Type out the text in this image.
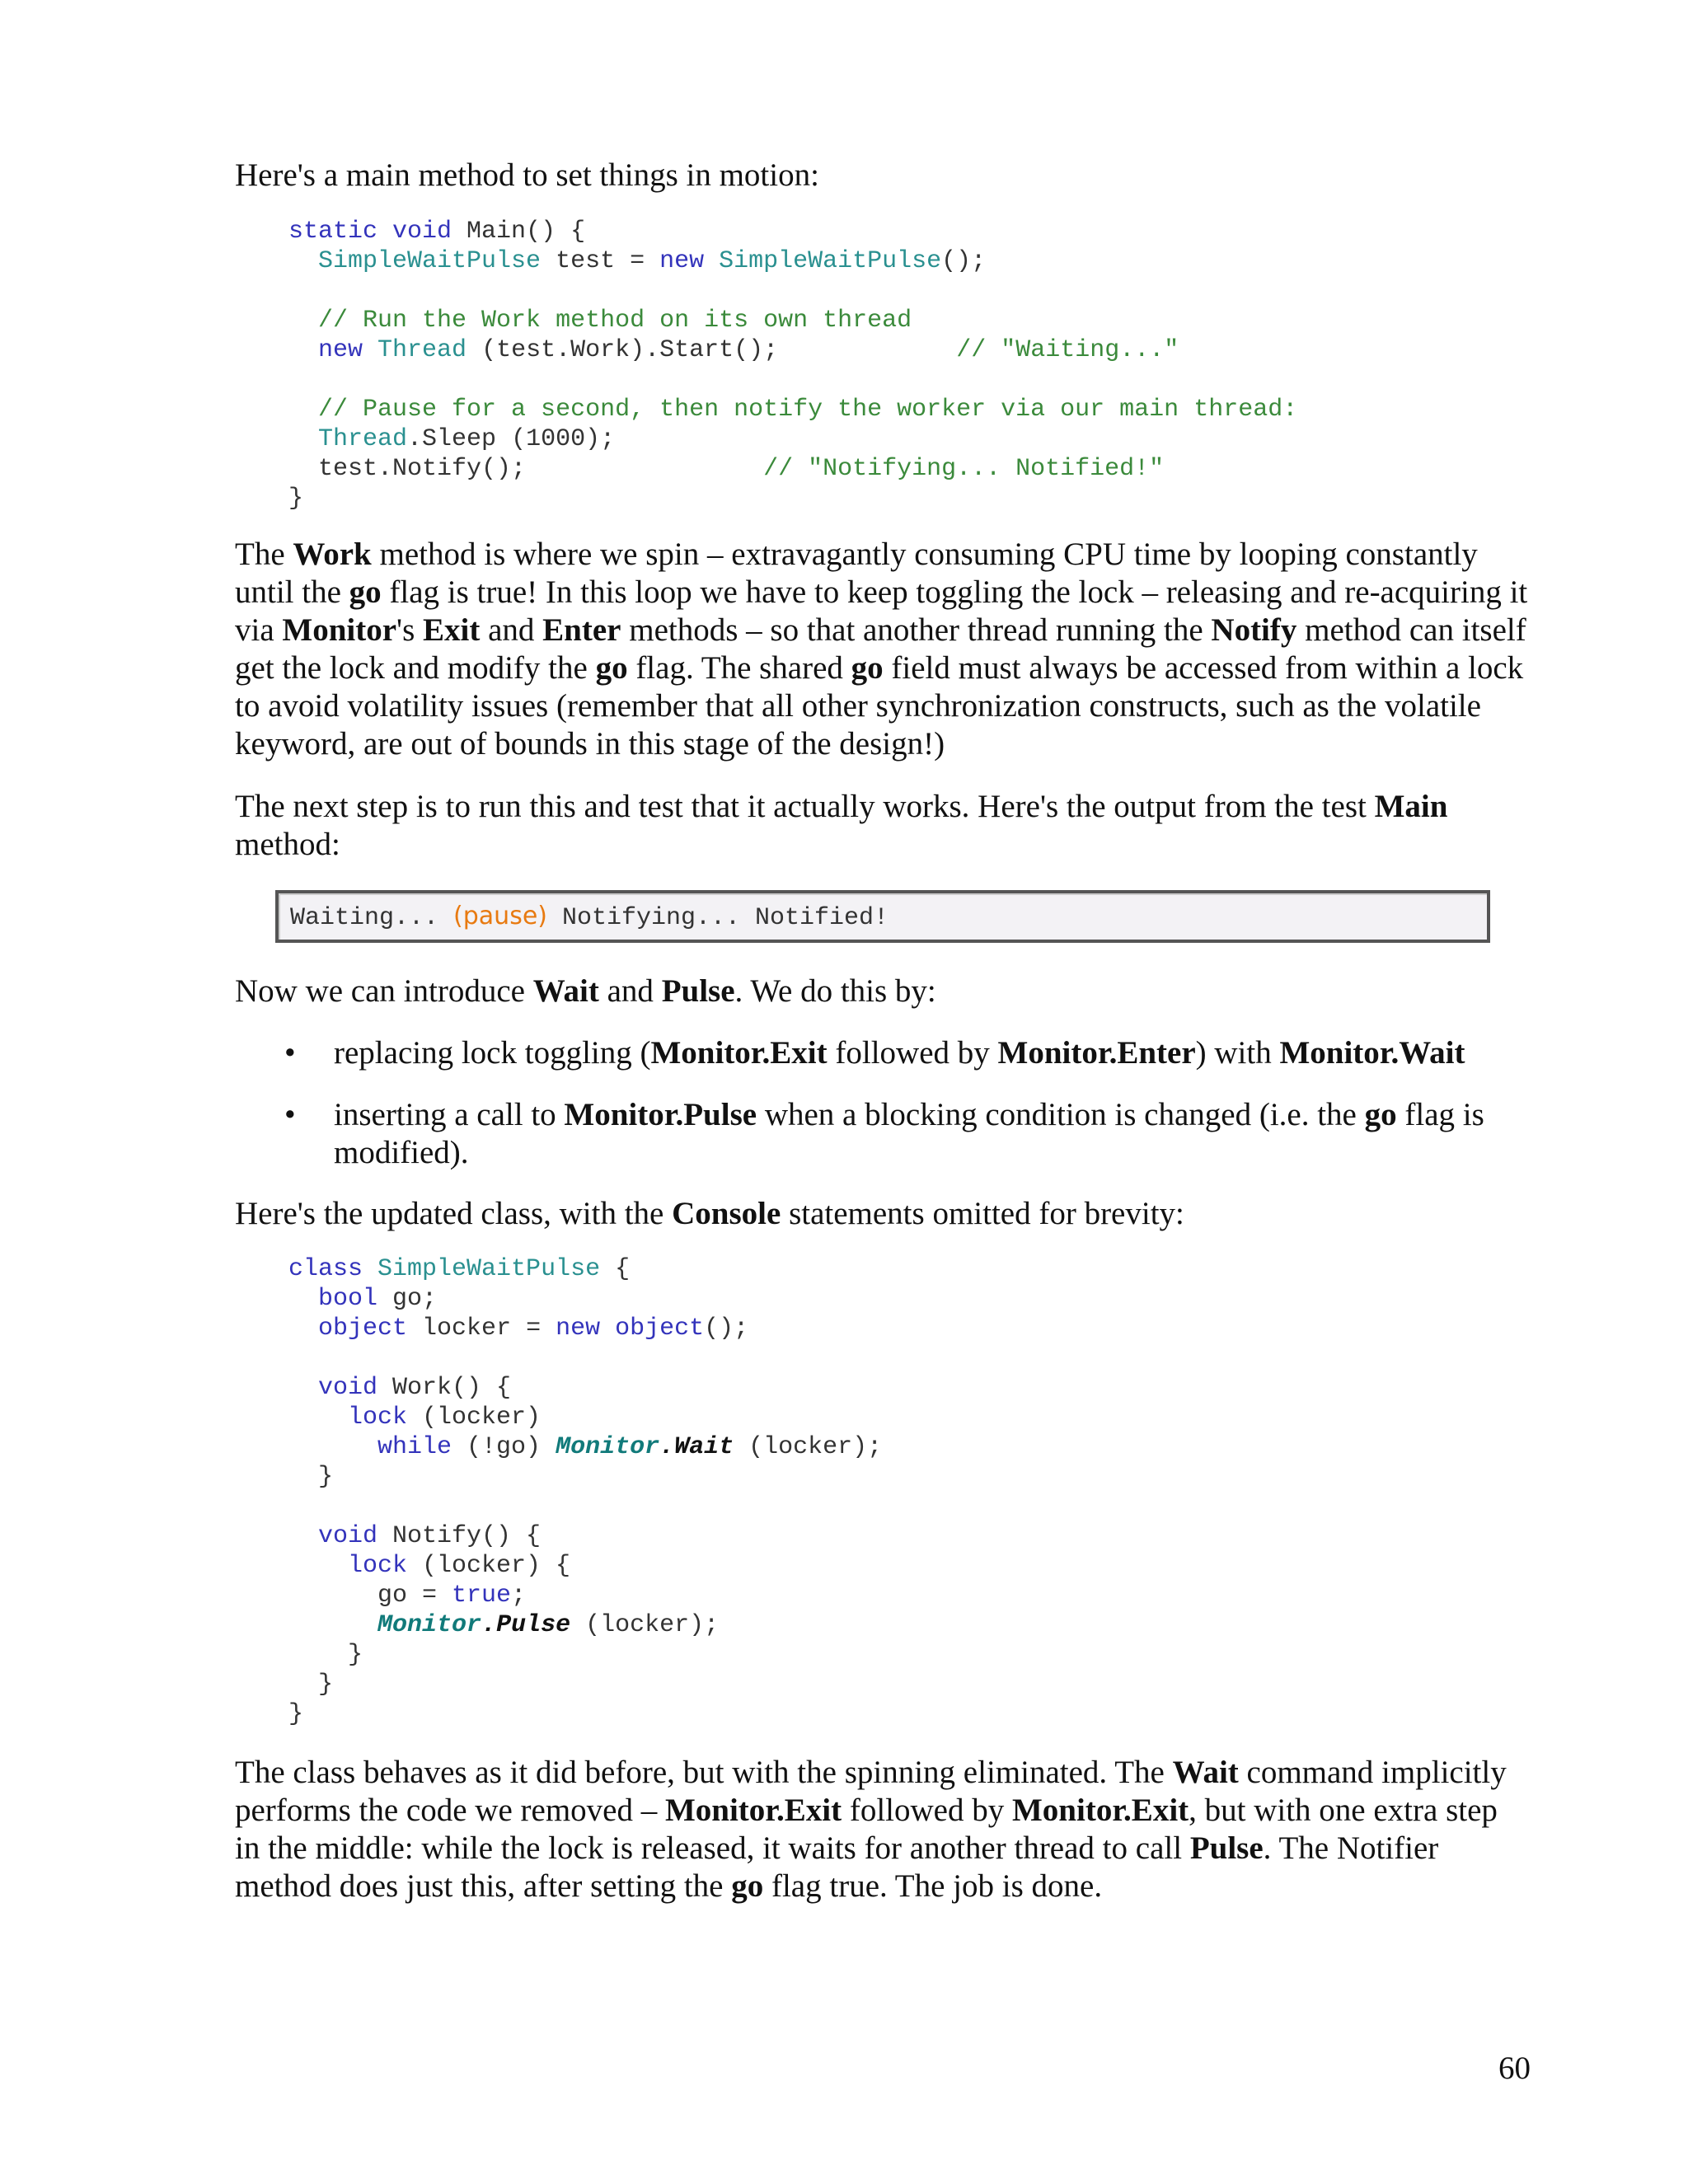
Here's a main method to set things in motion:

static void Main() {
SimpleWaitPulse test = new SimpleWaitPulse();

// Run the Work method on its own thread
new Thread (test.Work).Start();	// "Waiting..."

// Pause for a second, then notify the worker via our main thread:
Thread.Sleep (1000);
test.Notify();	// "Notifying... Notified!"
}

The Work method is where we spin – extravagantly consuming CPU time by looping constantly until the go flag is true! In this loop we have to keep toggling the lock – releasing and re-acquiring it via Monitor's Exit and Enter methods – so that another thread running the Notify method can itself get the lock and modify the go flag. The shared go field must always be accessed from within a lock to avoid volatility issues (remember that all other synchronization constructs, such as the volatile keyword, are out of bounds in this stage of the design!)

The next step is to run this and test that it actually works. Here's the output from the test Main method:

Waiting... (pause) Notifying... Notified!

Now we can introduce Wait and Pulse. We do this by:

• replacing lock toggling (Monitor.Exit followed by Monitor.Enter) with Monitor.Wait

• inserting a call to Monitor.Pulse when a blocking condition is changed (i.e. the go flag is modified).

Here's the updated class, with the Console statements omitted for brevity:

class SimpleWaitPulse {
bool go;
object locker = new object();

void Work() {
lock (locker)
while (!go) Monitor.Wait (locker);
}

void Notify() {
lock (locker) {
go = true;
Monitor.Pulse (locker);
}
}
}

The class behaves as it did before, but with the spinning eliminated. The Wait command implicitly performs the code we removed – Monitor.Exit followed by Monitor.Exit, but with one extra step in the middle: while the lock is released, it waits for another thread to call Pulse. The Notifier method does just this, after setting the go flag true. The job is done.

60
